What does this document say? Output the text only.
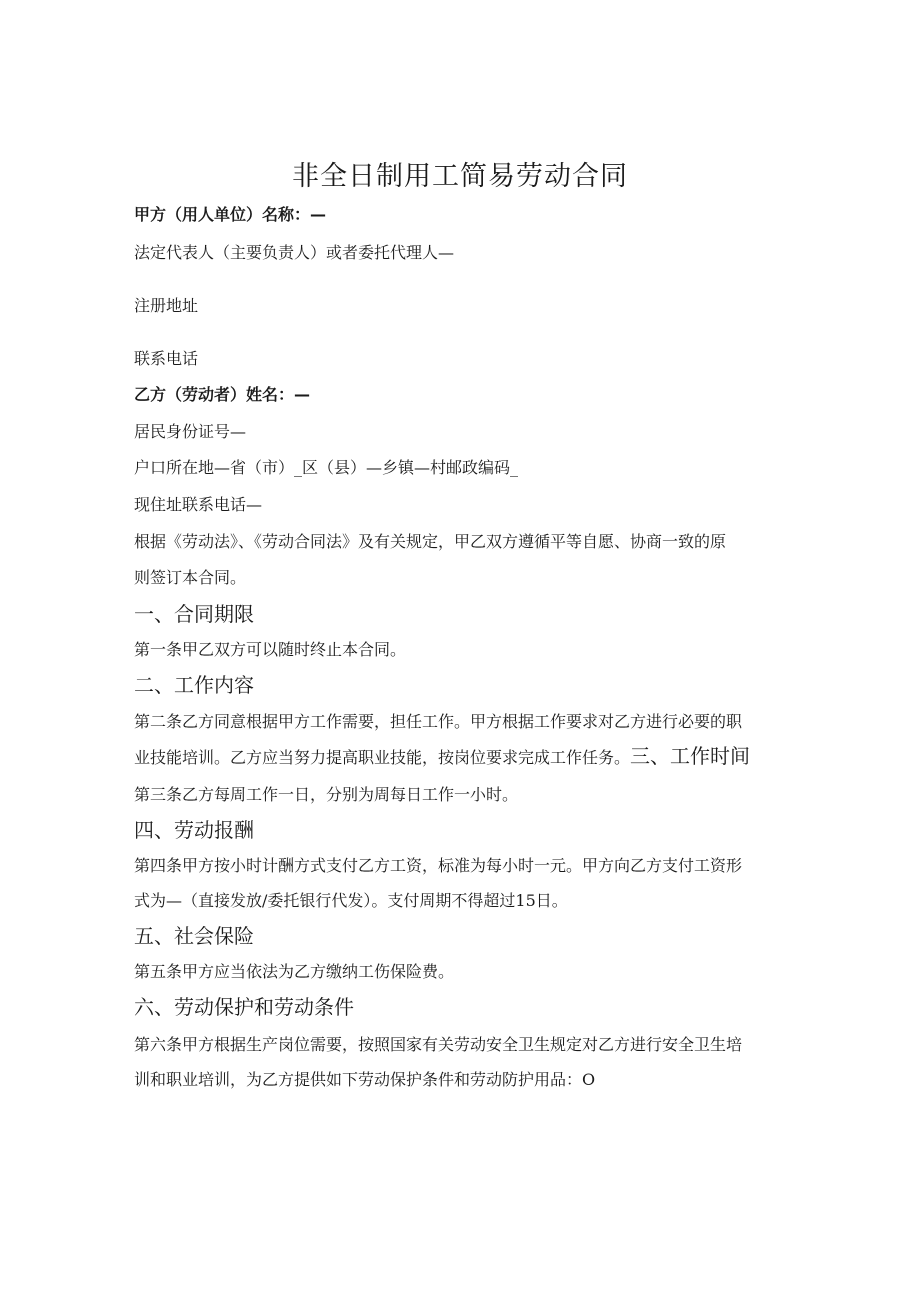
非全日制用工简易劳动合同
甲方（用人单位）名称：—
法定代表人（主要负责人）或者委托代理人—
注册地址
联系电话
乙方（劳动者）姓名：—
居民身份证号—
户口所在地—省（市）_区（县）—乡镇—村邮政编码_
现住址联系电话—
根据《劳动法》、《劳动合同法》及有关规定，甲乙双方遵循平等自愿、协商一致的原
则签订本合同。
一、合同期限
第一条甲乙双方可以随时终止本合同。
二、工作内容
第二条乙方同意根据甲方工作需要，担任工作。甲方根据工作要求对乙方进行必要的职
业技能培训。乙方应当努力提高职业技能，按岗位要求完成工作任务。三、工作时间
第三条乙方每周工作一日，分别为周每日工作一小时。
四、劳动报酬
第四条甲方按小时计酬方式支付乙方工资，标准为每小时一元。甲方向乙方支付工资形
式为—（直接发放/委托银行代发）。支付周期不得超过15日。
五、社会保险
第五条甲方应当依法为乙方缴纳工伤保险费。
六、劳动保护和劳动条件
第六条甲方根据生产岗位需要，按照国家有关劳动安全卫生规定对乙方进行安全卫生培
训和职业培训，为乙方提供如下劳动保护条件和劳动防护用品：O
